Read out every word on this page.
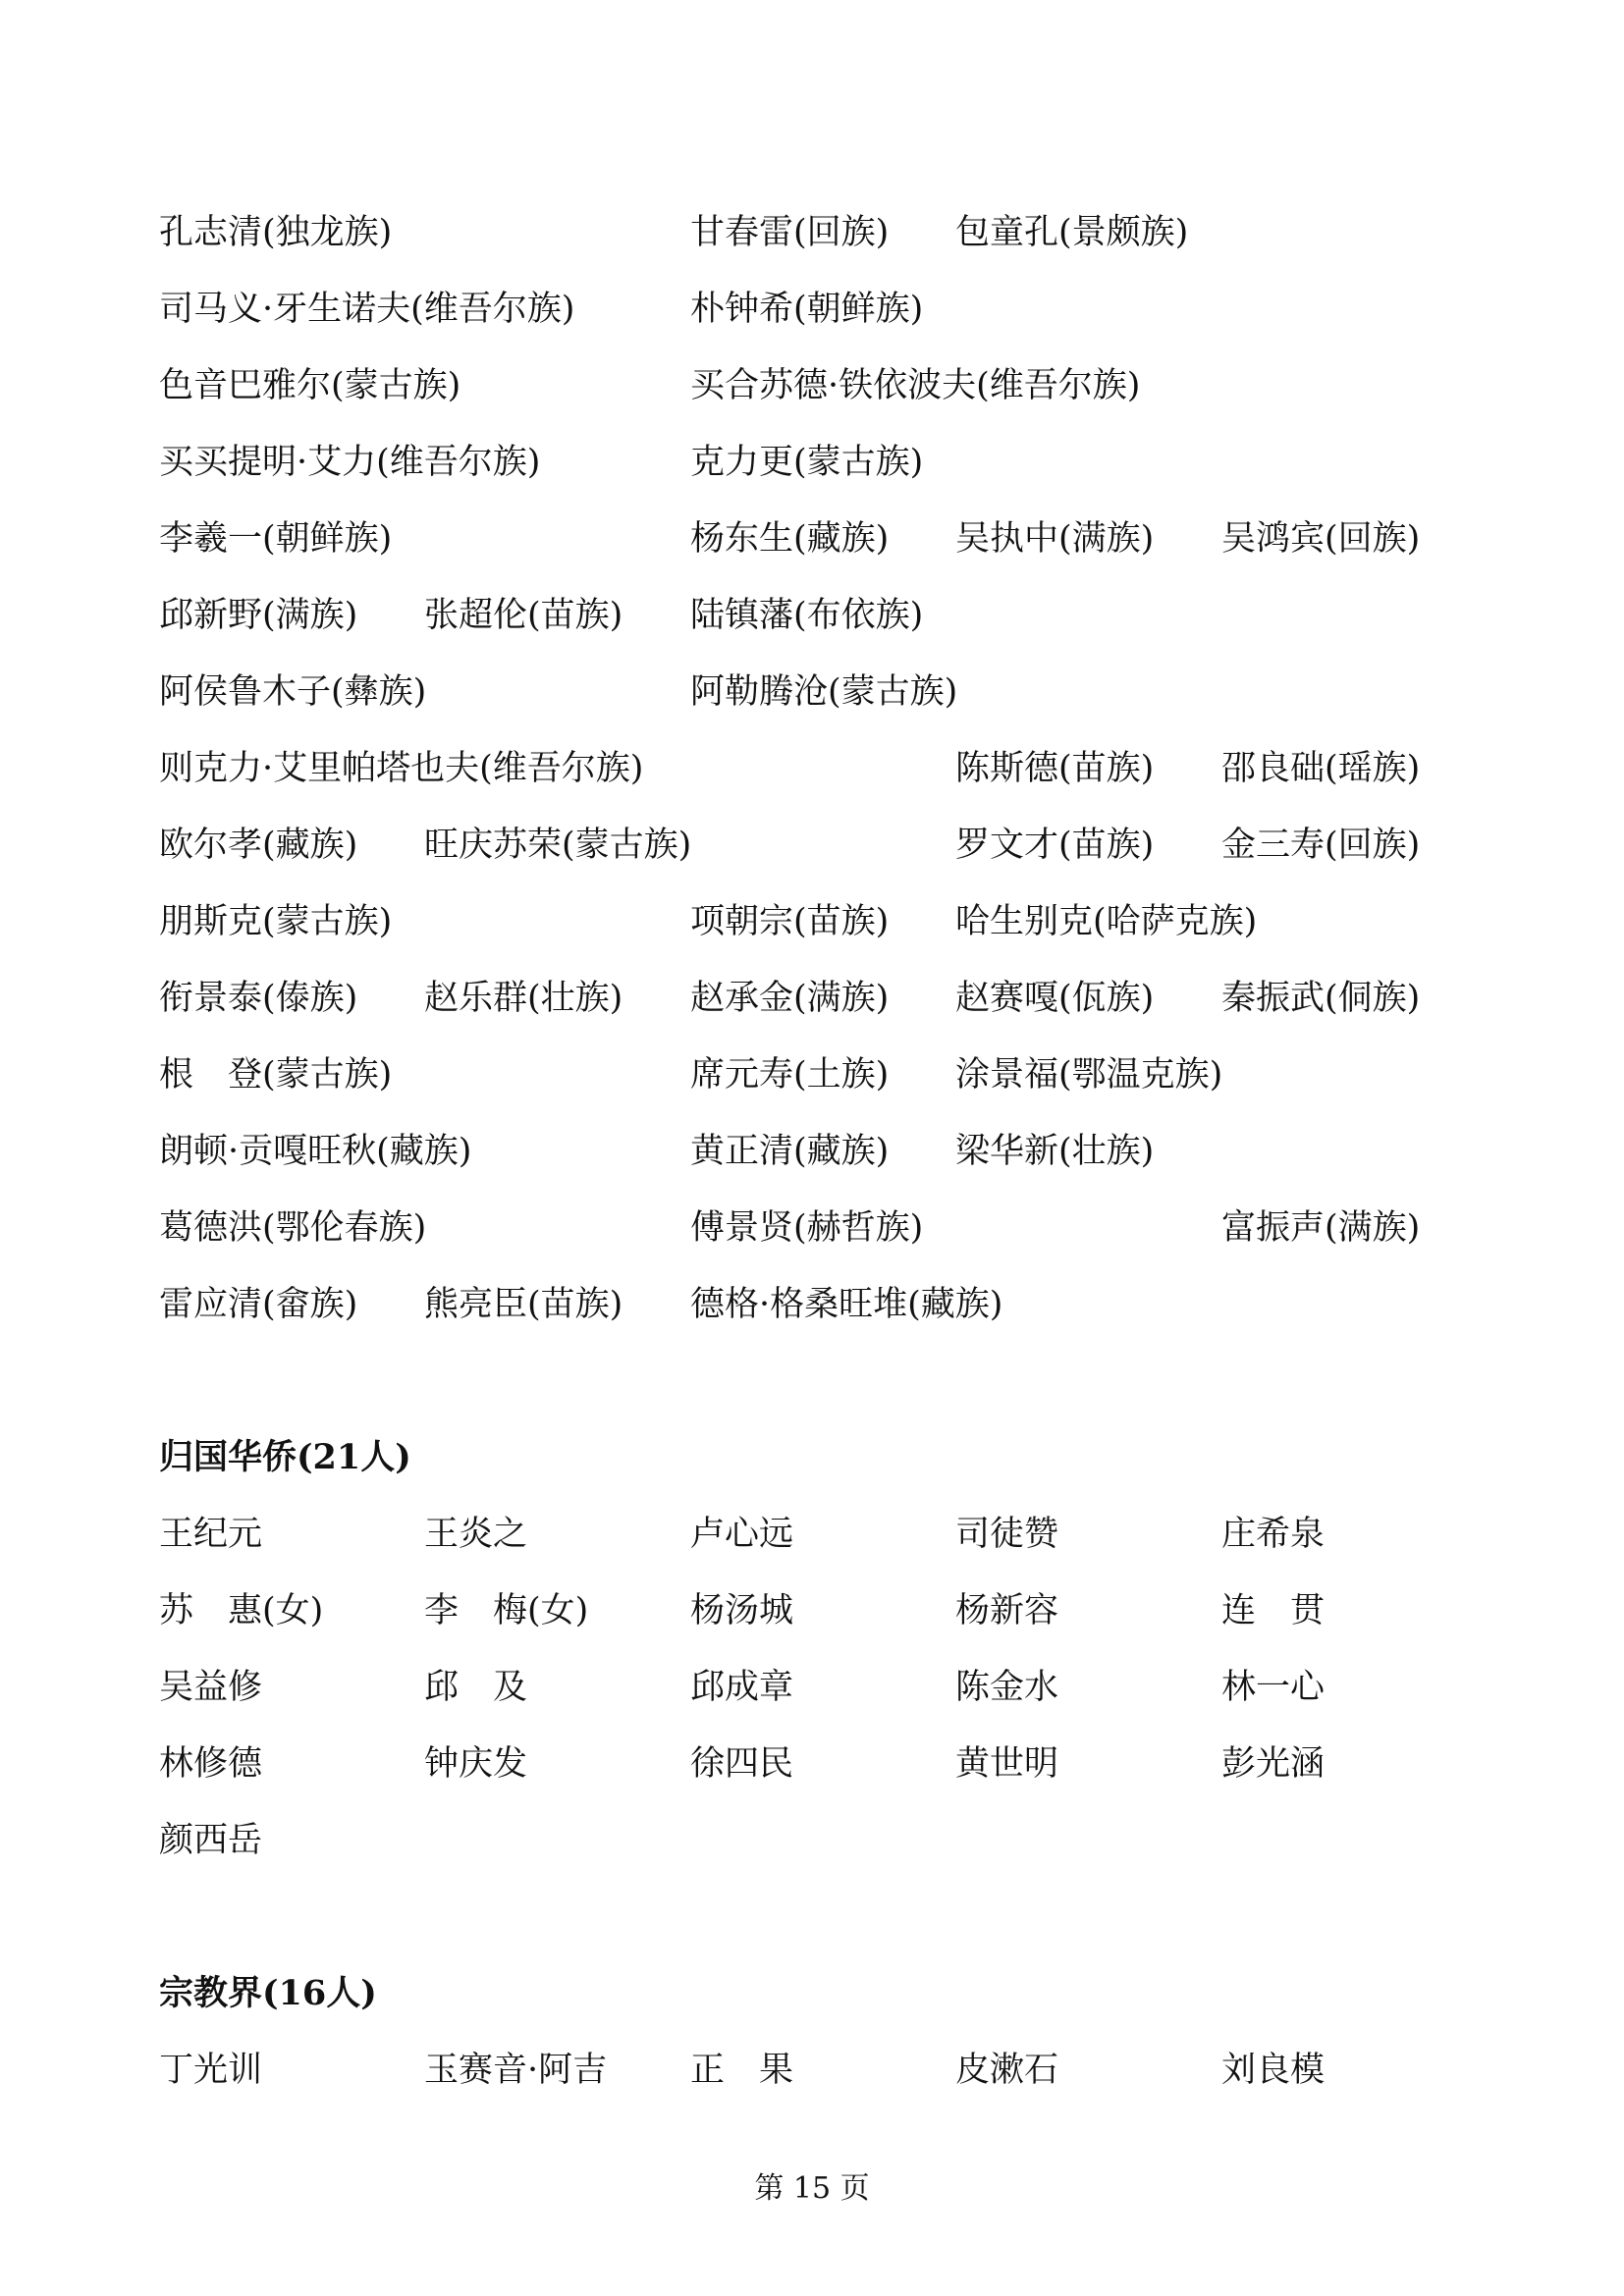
孔志清(独龙族)	甘春雷(回族) 包童孔(景颇族)
司马义·牙生诺夫(维吾尔族)	朴钟希(朝鲜族)
色音巴雅尔(蒙古族)	买合苏德·铁依波夫(维吾尔族)
买买提明·艾力(维吾尔族)	克力更(蒙古族)
李羲一(朝鲜族)	杨东生(藏族) 吴执中(满族) 吴鸿宾(回族)
邱新野(满族) 张超伦(苗族) 陆镇藩(布依族)
阿侯鲁木子(彝族)	阿勒腾沧(蒙古族)
则克力·艾里帕塔也夫(维吾尔族)	陈斯德(苗族) 邵良础(瑶族)
欧尔孝(藏族) 旺庆苏荣(蒙古族)	罗文才(苗族) 金三寿(回族)
朋斯克(蒙古族)	项朝宗(苗族) 哈生别克(哈萨克族)
衔景泰(傣族) 赵乐群(壮族) 赵承金(满族) 赵赛嘎(佤族) 秦振武(侗族)
根　登(蒙古族)	席元寿(土族) 涂景福(鄂温克族)
朗顿·贡嘎旺秋(藏族)	黄正清(藏族) 梁华新(壮族)
葛德洪(鄂伦春族)	傅景贤(赫哲族)	富振声(满族)
雷应清(畲族) 熊亮臣(苗族) 德格·格桑旺堆(藏族)
归国华侨(21人)
王纪元	王炎之	卢心远	司徒赞	庄希泉
苏　惠(女)	李　梅(女)	杨汤城	杨新容	连　贯
吴益修	邱　及	邱成章	陈金水	林一心
林修德	钟庆发	徐四民	黄世明	彭光涵
颜西岳
宗教界(16人)
丁光训	玉赛音·阿吉 正　果	皮漱石	刘良模
第 15 页
